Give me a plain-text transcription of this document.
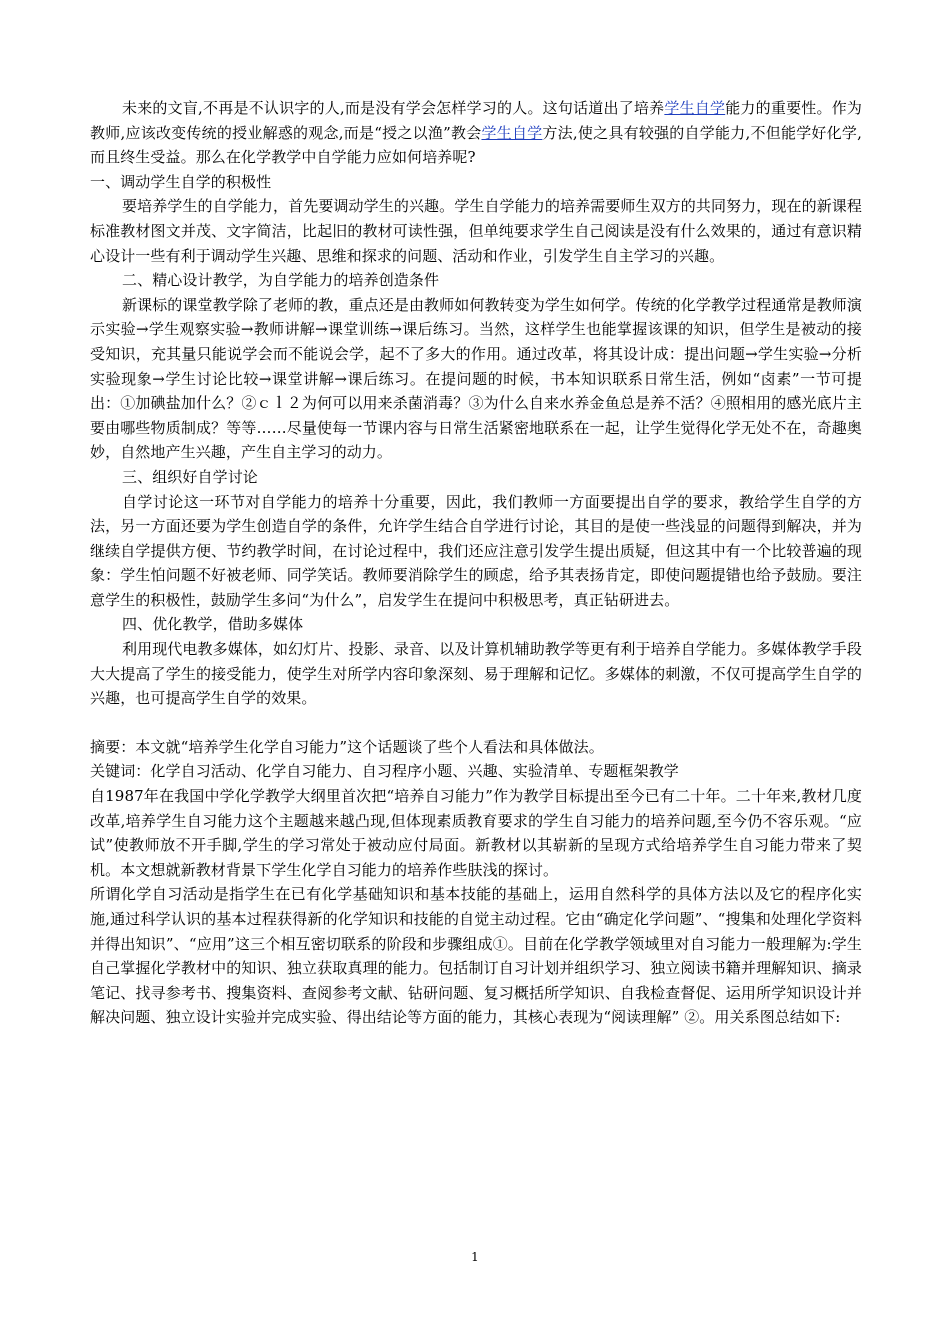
未来的文盲,不再是不认识字的人,而是没有学会怎样学习的人。这句话道出了培养学生自学能力的重要性。作为教师,应该改变传统的授业解惑的观念,而是“授之以渔”教会学生自学方法,使之具有较强的自学能力,不但能学好化学,而且终生受益。那么在化学教学中自学能力应如何培养呢?

一、调动学生自学的积极性

要培养学生的自学能力，首先要调动学生的兴趣。学生自学能力的培养需要师生双方的共同努力，现在的新课程标准教材图文并茂、文字简洁，比起旧的教材可读性强，但单纯要求学生自己阅读是没有什么效果的，通过有意识精心设计一些有利于调动学生兴趣、思维和探求的问题、活动和作业，引发学生自主学习的兴趣。

二、精心设计教学，为自学能力的培养创造条件

新课标的课堂教学除了老师的教，重点还是由教师如何教转变为学生如何学。传统的化学教学过程通常是教师演示实验→学生观察实验→教师讲解→课堂训练→课后练习。当然，这样学生也能掌握该课的知识，但学生是被动的接受知识，充其量只能说学会而不能说会学，起不了多大的作用。通过改革，将其设计成：提出问题→学生实验→分析实验现象→学生讨论比较→课堂讲解→课后练习。在提问题的时候，书本知识联系日常生活，例如“卤素”一节可提出：①加碘盐加什么？②ｃｌ２为何可以用来杀菌消毒？③为什么自来水养金鱼总是养不活？④照相用的感光底片主要由哪些物质制成？等等……尽量使每一节课内容与日常生活紧密地联系在一起，让学生觉得化学无处不在，奇趣奥妙，自然地产生兴趣，产生自主学习的动力。

三、组织好自学讨论

自学讨论这一环节对自学能力的培养十分重要，因此，我们教师一方面要提出自学的要求，教给学生自学的方法，另一方面还要为学生创造自学的条件，允许学生结合自学进行讨论，其目的是使一些浅显的问题得到解决，并为继续自学提供方便、节约教学时间，在讨论过程中，我们还应注意引发学生提出质疑，但这其中有一个比较普遍的现象：学生怕问题不好被老师、同学笑话。教师要消除学生的顾虑，给予其表扬肯定，即使问题提错也给予鼓励。要注意学生的积极性，鼓励学生多问“为什么”，启发学生在提问中积极思考，真正钻研进去。

四、优化教学，借助多媒体

利用现代电教多媒体，如幻灯片、投影、录音、以及计算机辅助教学等更有利于培养自学能力。多媒体教学手段大大提高了学生的接受能力，使学生对所学内容印象深刻、易于理解和记忆。多媒体的刺激，不仅可提高学生自学的兴趣，也可提高学生自学的效果。

摘要：本文就“培养学生化学自习能力”这个话题谈了些个人看法和具体做法。

关键词：化学自习活动、化学自习能力、自习程序小题、兴趣、实验清单、专题框架教学

自1987年在我国中学化学教学大纲里首次把“培养自习能力”作为教学目标提出至今已有二十年。二十年来,教材几度改革,培养学生自习能力这个主题越来越凸现,但体现素质教育要求的学生自习能力的培养问题,至今仍不容乐观。“应试”使教师放不开手脚,学生的学习常处于被动应付局面。新教材以其崭新的呈现方式给培养学生自习能力带来了契机。本文想就新教材背景下学生化学自习能力的培养作些肤浅的探讨。

所谓化学自习活动是指学生在已有化学基础知识和基本技能的基础上，运用自然科学的具体方法以及它的程序化实施,通过科学认识的基本过程获得新的化学知识和技能的自觉主动过程。它由“确定化学问题”、“搜集和处理化学资料并得出知识”、“应用”这三个相互密切联系的阶段和步骤组成①。目前在化学教学领域里对自习能力一般理解为:学生自己掌握化学教材中的知识、独立获取真理的能力。包括制订自习计划并组织学习、独立阅读书籍并理解知识、摘录笔记、找寻参考书、搜集资料、查阅参考文献、钻研问题、复习概括所学知识、自我检查督促、运用所学知识设计并解决问题、独立设计实验并完成实验、得出结论等方面的能力，其核心表现为“阅读理解” ②。用关系图总结如下:

1
